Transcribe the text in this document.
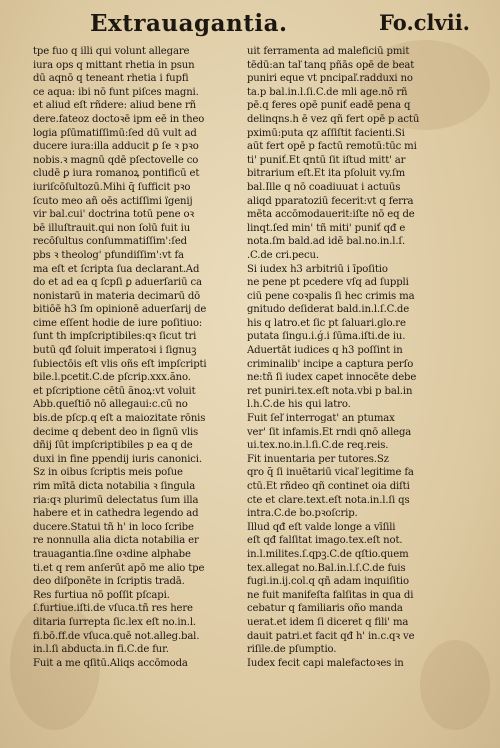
Extrauagantia.	Fo.clvii.
tpe fuo q illi qui volunt allegare
iura ops q mittant rhetia in psun
dū aqnō q teneant rhetia i fupfi
ce aqua: ibi nō funt piſces magni.
et aliud eſt rñdere: aliud bene rñ
dere.fateoz doctoꝛē ipm eē in theo
logia pſūmatiſſimū:ſed dū vult ad
ducere iura:illa adducit ꝑ ſe ꝛ pꝛo
nobis.ꝛ magnū qdē pſectovelle co
cludē ꝑ iura romanoꝝ pontificū et
iuriſcōſultozū.Mihi q̄ ſufficit pꝛo
ſcuto meo añ oēs actiſſimi ïgenij
vir bal.cui' doctrina totū pene oꝛ
bē illuſtrauit.qui non ſolū fuit iu
recōſultus conſummatiſſim':ſed
pbs ꝛ theolog' pfundiſſim':vt fa
ma eſt et ſcripta ſua declarant.Ad
do et ad ea q ſcpſi ꝑ aduerſariū ca
nonistarū in materia decimarū dō
bitiōē h3 ſm opinionē aduerſarij de
cime eſſent hodie de iure poſitiuo:
ſunt th impſcriptibiles:qꝛ ſicut tri
butū qđ ſoluit imperatoꝛi i ſignuꝫ
ſubiectōis eſt vlis oñs eſt impſcripti
bile.l.pcetit.C.de pſcrip.xxx.ãno.
et pſcriptione cētū ãnoꝝ:vt voluit
Abb.queſtiō nō allegaui:c.cū no
bis.de pſcp.q eſt a maiozitate rōnis
decime q debent deo in ſignū vlis
dñij ſūt impſcriptibiles p ea q de
duxi in fine ppendij iuris canonici.
Sz in oibus ſcriptis meis poſue
rim mītā dicta notabilia ꝛ ſingula
ria:qꝛ plurimū delectatus ſum illa
habere et in cathedra legendo ad
ducere.Statui tñ h' in loco ſcribe
re nonnulla alia dicta notabilia er
trauagantia.ſine oꝛdine alphabe
ti.et q rem anſerūt apō me alio tpe
deo diſponēte in ſcriptis tradā.
Res furtiua nō poſſit pſcapi.
ſ.furtiue.iſti.de vſuca.tñ res here
ditaria ſurrepta ſic.lex eſt no.in.l.
fi.bō.ff.de vſuca.quē not.alleg.bal.
in.l.ſi abducta.in fi.C.de fur.
Fuit a me qſitū.Aliqs accōmoda
uit ferramenta ad maleficiū pmit
tēdū:an taľ tanq pñās opē de beat
puniri eque vt pncipaľ.radduxi no
ta.p bal.in.l.ſi.C.de mli age.nō rñ
pē.q feres opē puniť eadē pena q
delinqns.h ē vez qñ fert opē p actū
pximū:puta qz aſſiſtit facienti.Si
aūt fert opē p factū remotū:tūc mi
ti' puniť.Et qntū ſit iſtud mitt' ar
bitrarium eſt.Et ita pſoluit vy.ſm
bal.Ille q nō coadiuuat i actuūs
aliqd pparatoziū fecerit:vt q ferra
mēta accōmodauerit:iſte nō eq de
linqt.ſed min' tñ miti' puniť qđ e
nota.ſm bald.ad idē bal.no.in.l.ſ.
.C.de cri.pecu.
Si iudex h3 arbitriū i īpoſitio
ne pene pt pcedere vſq ad ſuppli
ciū pene coꝛpalis ſi hec crimis ma
gnitudo deſiderat bald.in.l.ſ.C.de
his q latro.et ſic pt ſaluari.glo.re
putata ſingu.i.ǵ.i ſūma.iſti.de iu.
Aduertāt iudices q h3 poſſint in
criminalib' incipe a captura perſo
ne:tñ ſi iudex capet innocēte debe
ret puniri.tex.eſt nota.vbi p bal.in
l.h.C.de his qui latro.
Fuit ſeľ interrogat' an ptumax
ver' ſit infamis.Et rndi qnō allega
ui.tex.no.in.l.ſi.C.de req.reis.
Fit inuentaria per tutores.Sz
qro q̄ ſi inuētariū vicaľ legitime fa
ctū.Et rñdeo qñ continet oia diſti
cte et clare.text.eſt nota.in.l.ſi qs
intra.C.de bo.pꝛoſcrip.
Illud qđ eſt valde longe a vīſili
eſt qđ falſitat imago.tex.eſt not.
in.l.milites.ſ.qpꝫ.C.de qſtio.quem
tex.allegat no.Bal.in.l.ſ.C.de fuis
fugi.in.ij.col.q qñ adam inquiſitio
ne fuit manifeſta falſitas in qua di
cebatur q familiaris oño manda
uerat.et idem ſi diceret q fili' ma
dauit patri.et facit qđ h' in.c.qꝛ ve
riſile.de pſumptio.
Iudex fecit capi malefactoꝛes in
